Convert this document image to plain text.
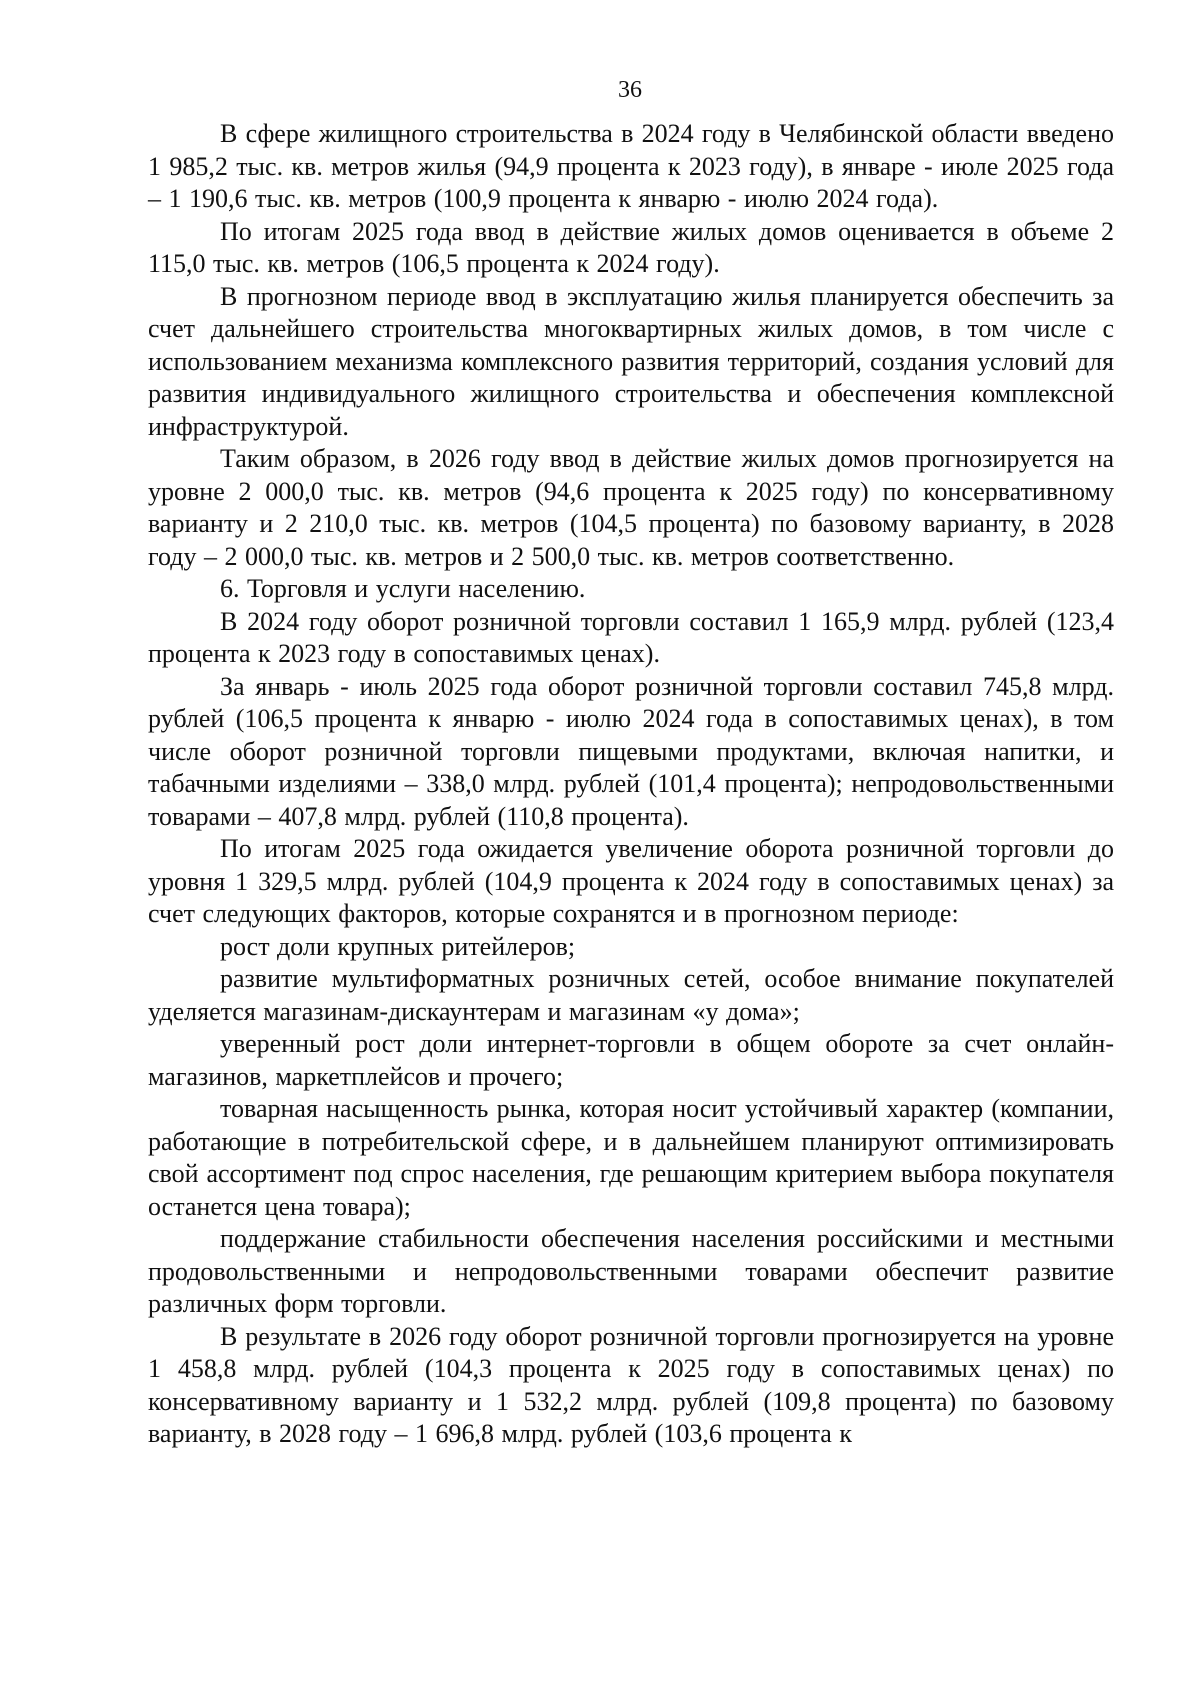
36

В сфере жилищного строительства в 2024 году в Челябинской области введено 1 985,2 тыс. кв. метров жилья (94,9 процента к 2023 году), в январе - июле 2025 года – 1 190,6 тыс. кв. метров (100,9 процента к январю - июлю 2024 года).

По итогам 2025 года ввод в действие жилых домов оценивается в объеме 2 115,0 тыс. кв. метров (106,5 процента к 2024 году).

В прогнозном периоде ввод в эксплуатацию жилья планируется обеспечить за счет дальнейшего строительства многоквартирных жилых домов, в том числе с использованием механизма комплексного развития территорий, создания условий для развития индивидуального жилищного строительства и обеспечения комплексной инфраструктурой.

Таким образом, в 2026 году ввод в действие жилых домов прогнозируется на уровне 2 000,0 тыс. кв. метров (94,6 процента к 2025 году) по консервативному варианту и 2 210,0 тыс. кв. метров (104,5 процента) по базовому варианту, в 2028 году – 2 000,0 тыс. кв. метров и 2 500,0 тыс. кв. метров соответственно.

6. Торговля и услуги населению.

В 2024 году оборот розничной торговли составил 1 165,9 млрд. рублей (123,4 процента к 2023 году в сопоставимых ценах).

За январь - июль 2025 года оборот розничной торговли составил 745,8 млрд. рублей (106,5 процента к январю - июлю 2024 года в сопоставимых ценах), в том числе оборот розничной торговли пищевыми продуктами, включая напитки, и табачными изделиями – 338,0 млрд. рублей (101,4 процента); непродовольственными товарами – 407,8 млрд. рублей (110,8 процента).

По итогам 2025 года ожидается увеличение оборота розничной торговли до уровня 1 329,5 млрд. рублей (104,9 процента к 2024 году в сопоставимых ценах) за счет следующих факторов, которые сохранятся и в прогнозном периоде:

рост доли крупных ритейлеров;

развитие мультиформатных розничных сетей, особое внимание покупателей уделяется магазинам-дискаунтерам и магазинам «у дома»;

уверенный рост доли интернет-торговли в общем обороте за счет онлайн-магазинов, маркетплейсов и прочего;

товарная насыщенность рынка, которая носит устойчивый характер (компании, работающие в потребительской сфере, и в дальнейшем планируют оптимизировать свой ассортимент под спрос населения, где решающим критерием выбора покупателя останется цена товара);

поддержание стабильности обеспечения населения российскими и местными продовольственными и непродовольственными товарами обеспечит развитие различных форм торговли.

В результате в 2026 году оборот розничной торговли прогнозируется на уровне 1 458,8 млрд. рублей (104,3 процента к 2025 году в сопоставимых ценах) по консервативному варианту и 1 532,2 млрд. рублей (109,8 процента) по базовому варианту, в 2028 году – 1 696,8 млрд. рублей (103,6 процента к
